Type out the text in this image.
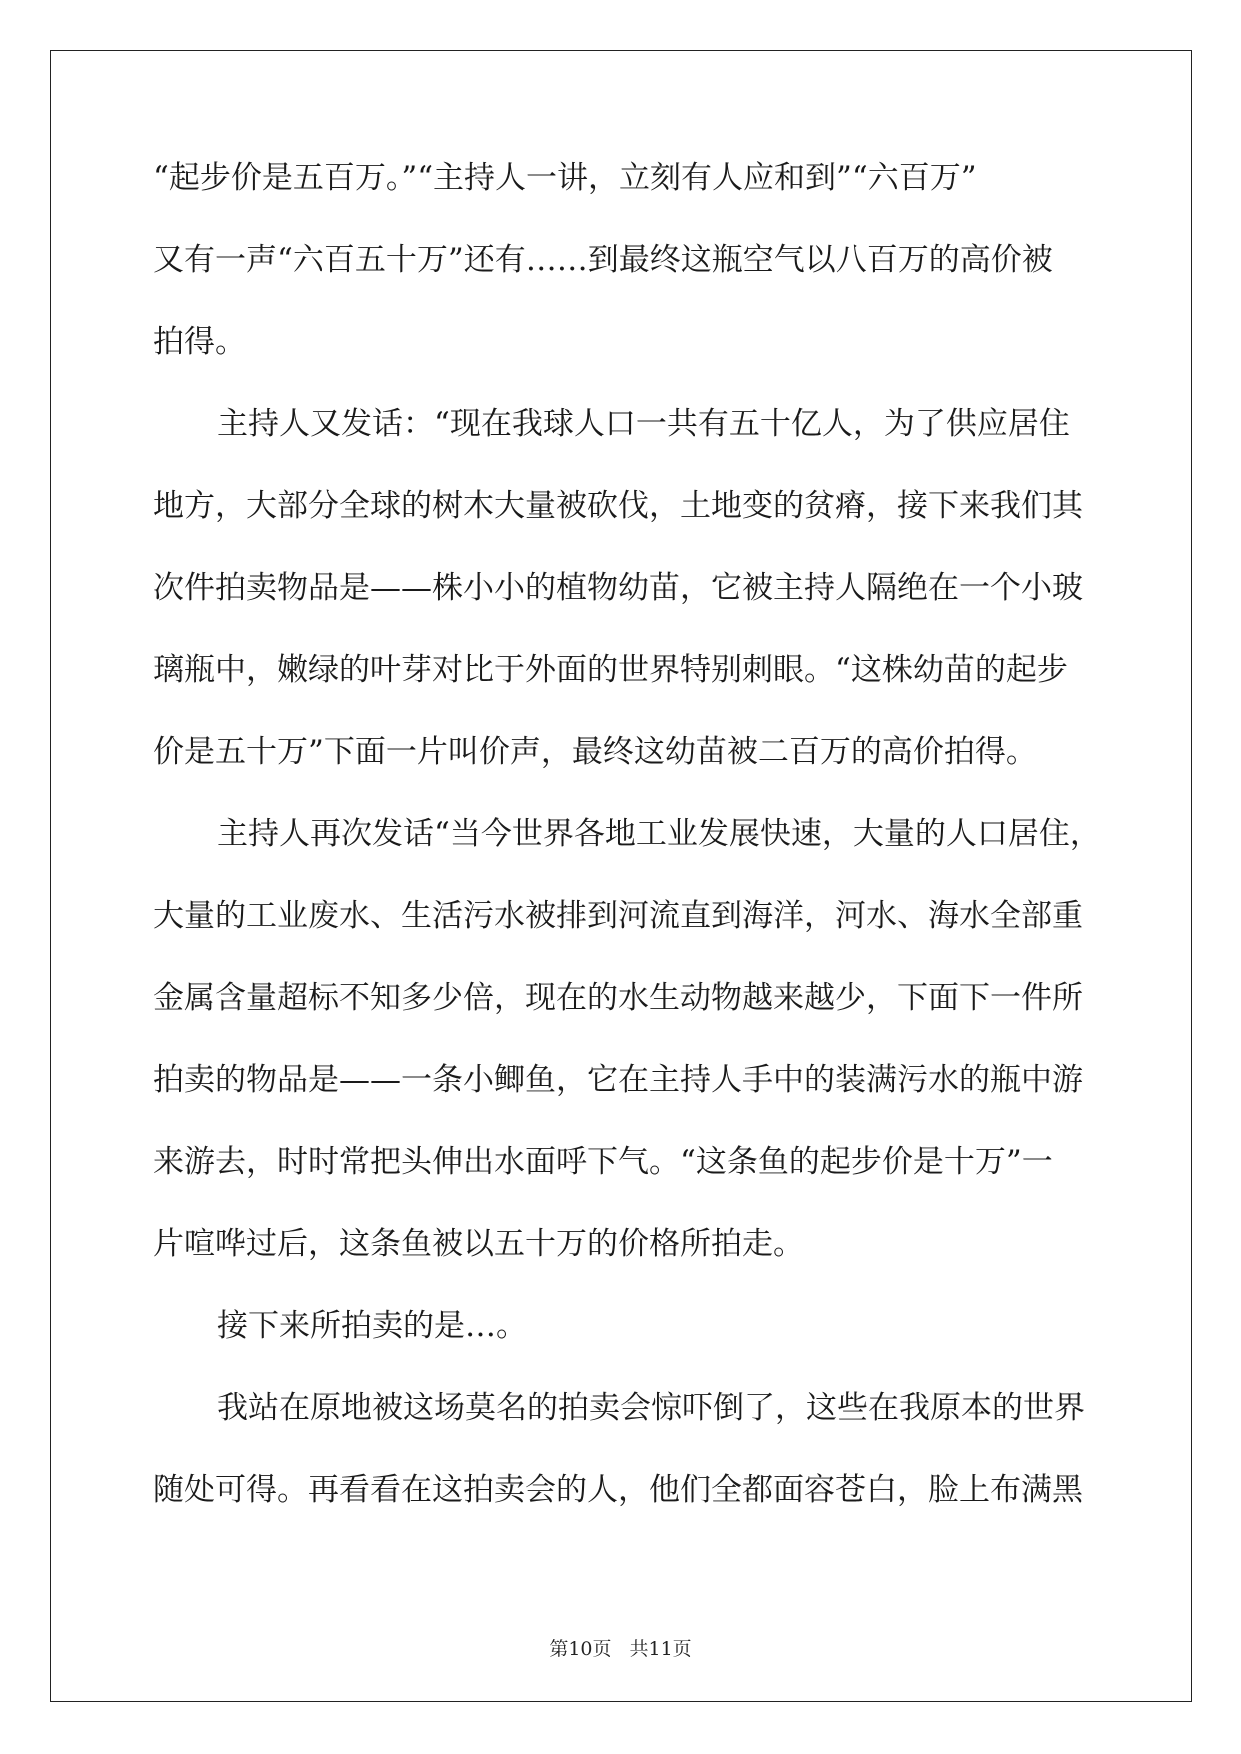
“起步价是五百万。”“主持人一讲，立刻有人应和到”“六百万”
又有一声“六百五十万”还有……到最终这瓶空气以八百万的高价被
拍得。
主持人又发话：“现在我球人口一共有五十亿人，为了供应居住
地方，大部分全球的树木大量被砍伐，土地变的贫瘠，接下来我们其
次件拍卖物品是——株小小的植物幼苗，它被主持人隔绝在一个小玻
璃瓶中，嫩绿的叶芽对比于外面的世界特别刺眼。“这株幼苗的起步
价是五十万”下面一片叫价声，最终这幼苗被二百万的高价拍得。
主持人再次发话“当今世界各地工业发展快速，大量的人口居住，
大量的工业废水、生活污水被排到河流直到海洋，河水、海水全部重
金属含量超标不知多少倍，现在的水生动物越来越少，下面下一件所
拍卖的物品是——一条小鲫鱼，它在主持人手中的装满污水的瓶中游
来游去，时时常把头伸出水面呼下气。“这条鱼的起步价是十万”一
片喧哗过后，这条鱼被以五十万的价格所拍走。
接下来所拍卖的是…。
我站在原地被这场莫名的拍卖会惊吓倒了，这些在我原本的世界
随处可得。再看看在这拍卖会的人，他们全都面容苍白，脸上布满黑
第10页 共11页
